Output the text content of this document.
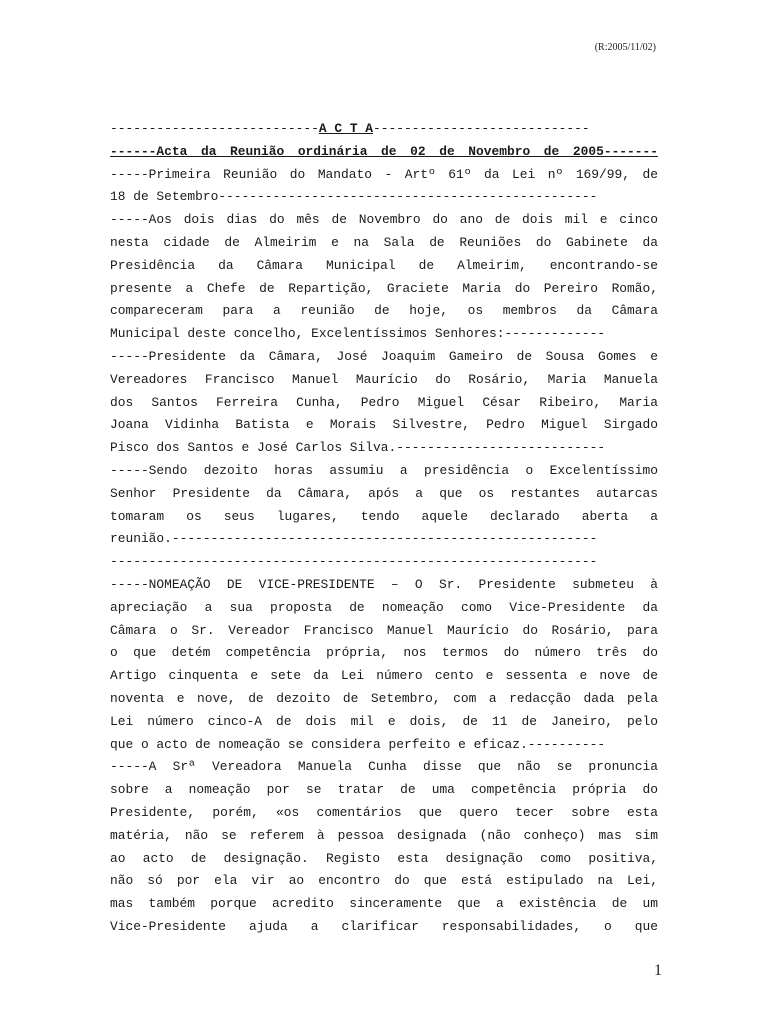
(R:2005/11/02)
---------------------------A C T A----------------------------
------Acta da Reunião ordinária de 02 de Novembro de 2005-------
-----Primeira Reunião do Mandato - Artº 61º da Lei nº 169/99, de
18 de Setembro-------------------------------------------------
-----Aos dois dias do mês de Novembro do ano de dois mil e cinco
nesta cidade de Almeirim e na Sala de Reuniões do Gabinete da
Presidência da Câmara Municipal de Almeirim, encontrando-se
presente a Chefe de Repartição, Graciete Maria do Pereiro Romão,
compareceram para a reunião de hoje, os membros da Câmara
Municipal deste concelho, Excelentíssimos Senhores:-------------
-----Presidente da Câmara, José Joaquim Gameiro de Sousa Gomes e
Vereadores Francisco Manuel Maurício do Rosário, Maria Manuela
dos Santos Ferreira Cunha, Pedro Miguel César Ribeiro, Maria
Joana Vidinha Batista e Morais Silvestre, Pedro Miguel Sirgado
Pisco dos Santos e José Carlos Silva.---------------------------
-----Sendo dezoito horas assumiu a presidência o Excelentíssimo
Senhor Presidente da Câmara, após a que os restantes autarcas
tomaram os seus lugares, tendo aquele declarado aberta a
reunião.-------------------------------------------------------
---------------------------------------------------------------
-----NOMEAÇÃO DE VICE-PRESIDENTE – O Sr. Presidente submeteu à
apreciação a sua proposta de nomeação como Vice-Presidente da
Câmara o Sr. Vereador Francisco Manuel Maurício do Rosário, para
o que detém competência própria, nos termos do número três do
Artigo cinquenta e sete da Lei número cento e sessenta e nove de
noventa e nove, de dezoito de Setembro, com a redacção dada pela
Lei número cinco-A de dois mil e dois, de 11 de Janeiro, pelo
que o acto de nomeação se considera perfeito e eficaz.----------
-----A Srª Vereadora Manuela Cunha disse que não se pronuncia
sobre a nomeação por se tratar de uma competência própria do
Presidente, porém, «os comentários que quero tecer sobre esta
matéria, não se referem à pessoa designada (não conheço) mas sim
ao acto de designação. Registo esta designação como positiva,
não só por ela vir ao encontro do que está estipulado na Lei,
mas também porque acredito sinceramente que a existência de um
Vice-Presidente ajuda a clarificar responsabilidades, o que
1
